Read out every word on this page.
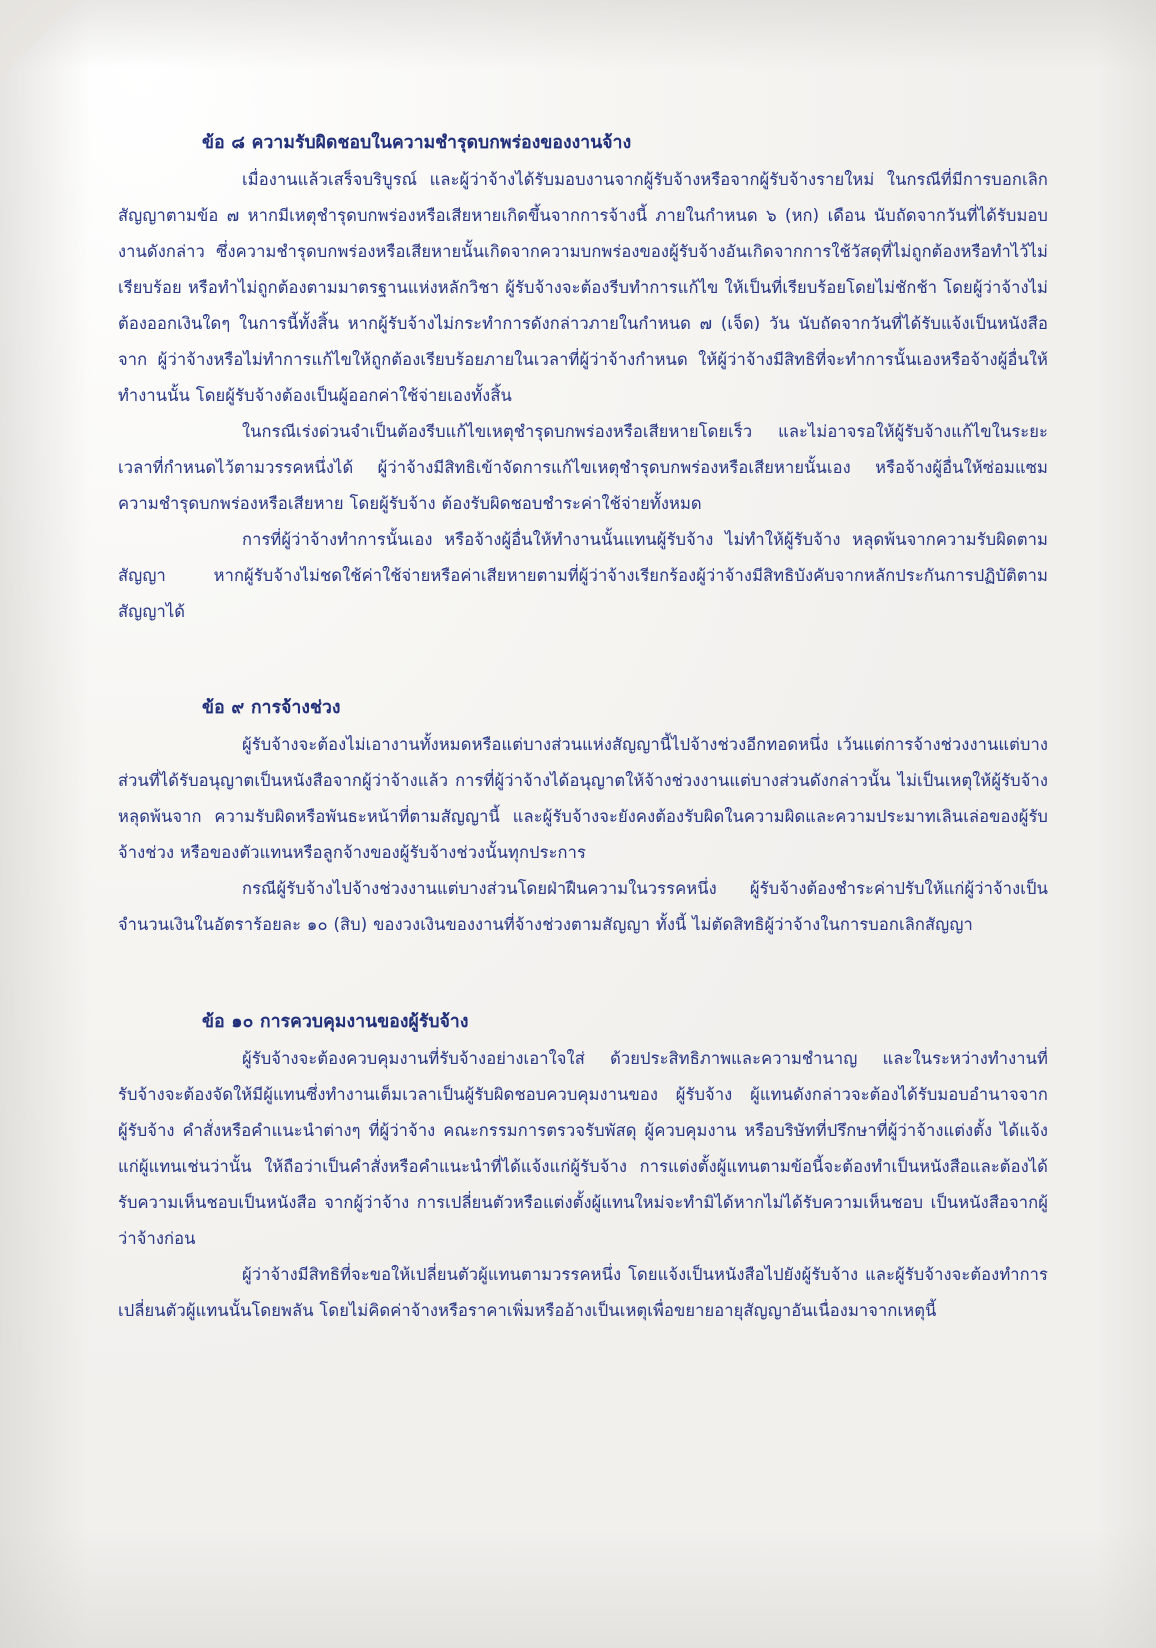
ข้อ ๘ ความรับผิดชอบในความชำรุดบกพร่องของงานจ้าง

เมื่องานแล้วเสร็จบริบูรณ์ และผู้ว่าจ้างได้รับมอบงานจากผู้รับจ้างหรือจากผู้รับจ้างรายใหม่ ในกรณีที่มีการบอกเลิกสัญญาตามข้อ ๗ หากมีเหตุชำรุดบกพร่องหรือเสียหายเกิดขึ้นจากการจ้างนี้ ภายในกำหนด ๖ (หก) เดือน นับถัดจากวันที่ได้รับมอบงานดังกล่าว ซึ่งความชำรุดบกพร่องหรือเสียหายนั้นเกิดจากความบกพร่องของผู้รับจ้างอันเกิดจากการใช้วัสดุที่ไม่ถูกต้องหรือทำไว้ไม่เรียบร้อย หรือทำไม่ถูกต้องตามมาตรฐานแห่งหลักวิชา ผู้รับจ้างจะต้องรีบทำการแก้ไข ให้เป็นที่เรียบร้อยโดยไม่ชักช้า โดยผู้ว่าจ้างไม่ต้องออกเงินใดๆ ในการนี้ทั้งสิ้น หากผู้รับจ้างไม่กระทำการดังกล่าวภายในกำหนด ๗ (เจ็ด) วัน นับถัดจากวันที่ได้รับแจ้งเป็นหนังสือจาก ผู้ว่าจ้างหรือไม่ทำการแก้ไขให้ถูกต้องเรียบร้อยภายในเวลาที่ผู้ว่าจ้างกำหนด ให้ผู้ว่าจ้างมีสิทธิที่จะทำการนั้นเองหรือจ้างผู้อื่นให้ทำงานนั้น โดยผู้รับจ้างต้องเป็นผู้ออกค่าใช้จ่ายเองทั้งสิ้น

ในกรณีเร่งด่วนจำเป็นต้องรีบแก้ไขเหตุชำรุดบกพร่องหรือเสียหายโดยเร็ว และไม่อาจรอให้ผู้รับจ้างแก้ไขในระยะเวลาที่กำหนดไว้ตามวรรคหนึ่งได้ ผู้ว่าจ้างมีสิทธิเข้าจัดการแก้ไขเหตุชำรุดบกพร่องหรือเสียหายนั้นเอง หรือจ้างผู้อื่นให้ซ่อมแซมความชำรุดบกพร่องหรือเสียหาย โดยผู้รับจ้าง ต้องรับผิดชอบชำระค่าใช้จ่ายทั้งหมด

การที่ผู้ว่าจ้างทำการนั้นเอง หรือจ้างผู้อื่นให้ทำงานนั้นแทนผู้รับจ้าง ไม่ทำให้ผู้รับจ้าง หลุดพ้นจากความรับผิดตามสัญญา หากผู้รับจ้างไม่ชดใช้ค่าใช้จ่ายหรือค่าเสียหายตามที่ผู้ว่าจ้างเรียกร้องผู้ว่าจ้างมีสิทธิบังคับจากหลักประกันการปฏิบัติตามสัญญาได้

ข้อ ๙ การจ้างช่วง

ผู้รับจ้างจะต้องไม่เอางานทั้งหมดหรือแต่บางส่วนแห่งสัญญานี้ไปจ้างช่วงอีกทอดหนึ่ง เว้นแต่การจ้างช่วงงานแต่บางส่วนที่ได้รับอนุญาตเป็นหนังสือจากผู้ว่าจ้างแล้ว การที่ผู้ว่าจ้างได้อนุญาตให้จ้างช่วงงานแต่บางส่วนดังกล่าวนั้น ไม่เป็นเหตุให้ผู้รับจ้างหลุดพ้นจาก ความรับผิดหรือพันธะหน้าที่ตามสัญญานี้ และผู้รับจ้างจะยังคงต้องรับผิดในความผิดและความประมาทเลินเล่อของผู้รับจ้างช่วง หรือของตัวแทนหรือลูกจ้างของผู้รับจ้างช่วงนั้นทุกประการ

กรณีผู้รับจ้างไปจ้างช่วงงานแต่บางส่วนโดยฝ่าฝืนความในวรรคหนึ่ง ผู้รับจ้างต้องชำระค่าปรับให้แก่ผู้ว่าจ้างเป็นจำนวนเงินในอัตราร้อยละ ๑๐ (สิบ) ของวงเงินของงานที่จ้างช่วงตามสัญญา ทั้งนี้ ไม่ตัดสิทธิผู้ว่าจ้างในการบอกเลิกสัญญา

ข้อ ๑๐ การควบคุมงานของผู้รับจ้าง

ผู้รับจ้างจะต้องควบคุมงานที่รับจ้างอย่างเอาใจใส่ ด้วยประสิทธิภาพและความชำนาญ และในระหว่างทำงานที่รับจ้างจะต้องจัดให้มีผู้แทนซึ่งทำงานเต็มเวลาเป็นผู้รับผิดชอบควบคุมงานของ ผู้รับจ้าง ผู้แทนดังกล่าวจะต้องได้รับมอบอำนาจจากผู้รับจ้าง คำสั่งหรือคำแนะนำต่างๆ ที่ผู้ว่าจ้าง คณะกรรมการตรวจรับพัสดุ ผู้ควบคุมงาน หรือบริษัทที่ปรึกษาที่ผู้ว่าจ้างแต่งตั้ง ได้แจ้งแก่ผู้แทนเช่นว่านั้น ให้ถือว่าเป็นคำสั่งหรือคำแนะนำที่ได้แจ้งแก่ผู้รับจ้าง การแต่งตั้งผู้แทนตามข้อนี้จะต้องทำเป็นหนังสือและต้องได้รับความเห็นชอบเป็นหนังสือ จากผู้ว่าจ้าง การเปลี่ยนตัวหรือแต่งตั้งผู้แทนใหม่จะทำมิได้หากไม่ได้รับความเห็นชอบ เป็นหนังสือจากผู้ว่าจ้างก่อน

ผู้ว่าจ้างมีสิทธิที่จะขอให้เปลี่ยนตัวผู้แทนตามวรรคหนึ่ง โดยแจ้งเป็นหนังสือไปยังผู้รับจ้าง และผู้รับจ้างจะต้องทำการเปลี่ยนตัวผู้แทนนั้นโดยพลัน โดยไม่คิดค่าจ้างหรือราคาเพิ่มหรืออ้างเป็นเหตุเพื่อขยายอายุสัญญาอันเนื่องมาจากเหตุนี้
